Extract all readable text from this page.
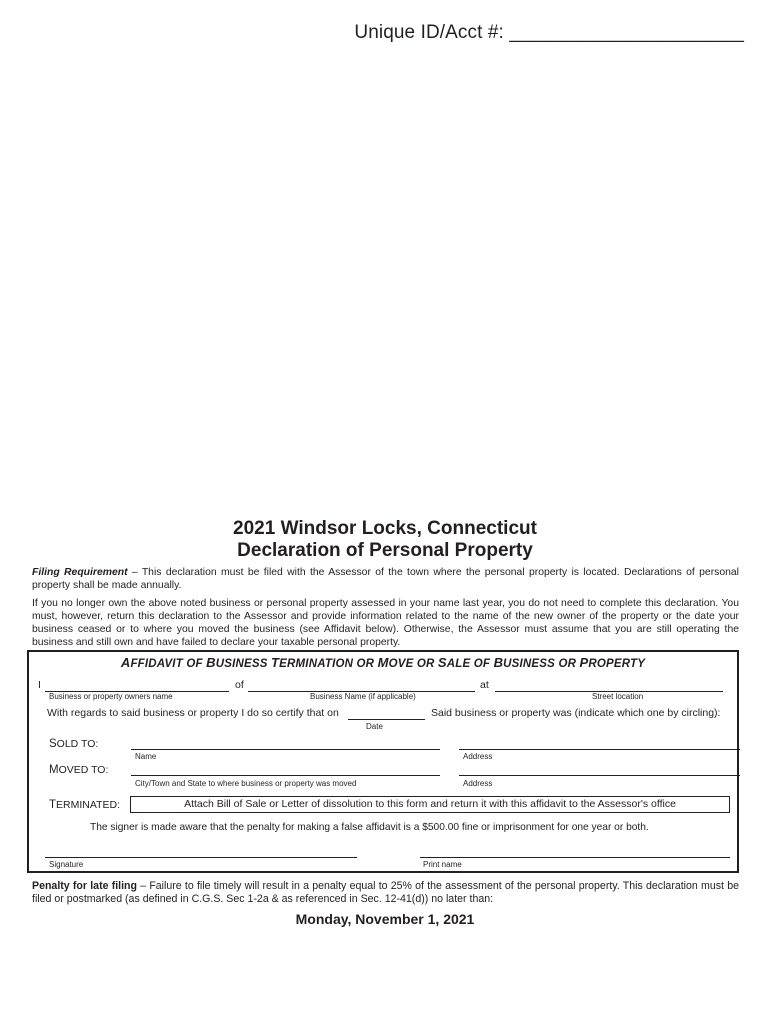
Unique ID/Acct #: ______________________
2021 Windsor Locks, Connecticut
Declaration of Personal Property
Filing Requirement – This declaration must be filed with the Assessor of the town where the personal property is located. Declarations of personal property shall be made annually.
If you no longer own the above noted business or personal property assessed in your name last year, you do not need to complete this declaration. You must, however, return this declaration to the Assessor and provide information related to the name of the new owner of the property or the date your business ceased or to where you moved the business (see Affidavit below). Otherwise, the Assessor must assume that you are still operating the business and still own and have failed to declare your taxable personal property.
AFFIDAVIT OF BUSINESS TERMINATION OR MOVE OR SALE OF BUSINESS OR PROPERTY
I	of	at
Business or property owners name	Business Name (if applicable)	Street location
With regards to said business or property I do so certify that on	Said business or property was (indicate which one by circling):
Date
SOLD TO:
Name	Address
MOVED TO:
City/Town and State to where business or property was moved	Address
TERMINATED:	Attach Bill of Sale or Letter of dissolution to this form and return it with this affidavit to the Assessor's office
The signer is made aware that the penalty for making a false affidavit is a $500.00 fine or imprisonment for one year or both.
Signature	Print name
Penalty for late filing – Failure to file timely will result in a penalty equal to 25% of the assessment of the personal property. This declaration must be filed or postmarked (as defined in C.G.S. Sec 1-2a & as referenced in Sec. 12-41(d)) no later than:
Monday, November 1, 2021
